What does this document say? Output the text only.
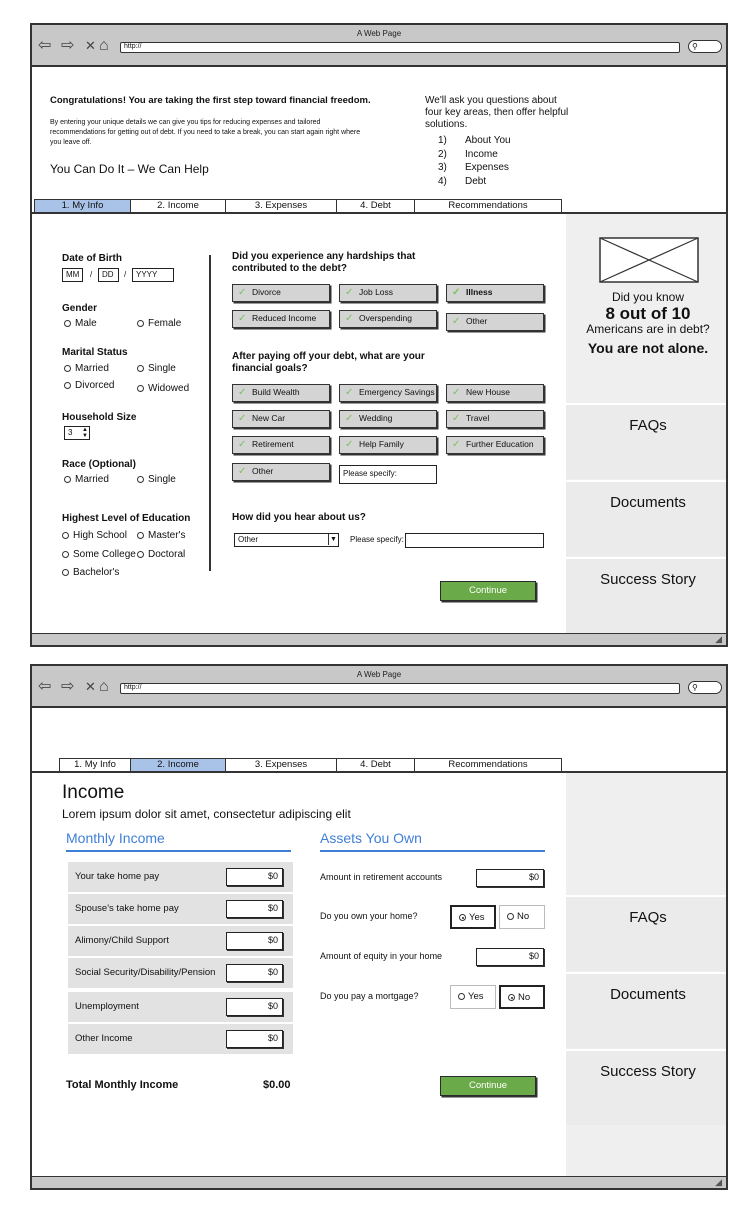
A Web Page
⇦ ⇨ ✕ ⌂	http://	⚲
Congratulations! You are taking the first step toward financial freedom.
By entering your unique details we can give you tips for reducing expenses and tailored recommendations for getting out of debt. If you need to take a break, you can start again right where you leave off.
You Can Do It – We Can Help
We'll ask you questions about four key areas, then offer helpful solutions.
1) About You
2) Income
3) Expenses
4) Debt
1. My Info	2. Income	3. Expenses	4. Debt	Recommendations
Did you know
8 out of 10
Americans are in debt?
You are not alone.
FAQs
Documents
Success Story
Date of Birth
MM	/	DD	/	YYYY
Gender
Male	Female
Marital Status
Married	Single
Divorced	Widowed
Household Size
3 ▲
▼
Race (Optional)
Married	Single
Highest Level of Education
High School	Master's
Some College	Doctoral
Bachelor's
Did you experience any hardships that contributed to the debt?
✓ Divorce	✓ Job Loss	✓ Illness
✓ Reduced Income	✓ Overspending	✓ Other
After paying off your debt, what are your financial goals?
✓ Build Wealth	✓ Emergency Savings ✓ New House
✓ New Car	✓ Wedding	✓ Travel
✓ Retirement	✓ Help Family	✓ Further Education
✓ Other	Please specify:
How did you hear about us?
Other	▼ Please specify:
Continue
◢
A Web Page
⇦ ⇨ ✕ ⌂	http://	⚲
1. My Info	2. Income	3. Expenses	4. Debt	Recommendations
FAQs
Documents
Success Story
Income
Lorem ipsum dolor sit amet, consectetur adipiscing elit
Monthly Income
Your take home pay	$0
Spouse's take home pay	$0
Alimony/Child Support	$0
Social Security/Disability/Pension	$0
Unemployment	$0
Other Income	$0
Total Monthly Income	$0.00
Assets You Own
Amount in retirement accounts	$0
Do you own your home?	Yes	No
Amount of equity in your home	$0
Do you pay a mortgage?	Yes	No
Continue
◢
